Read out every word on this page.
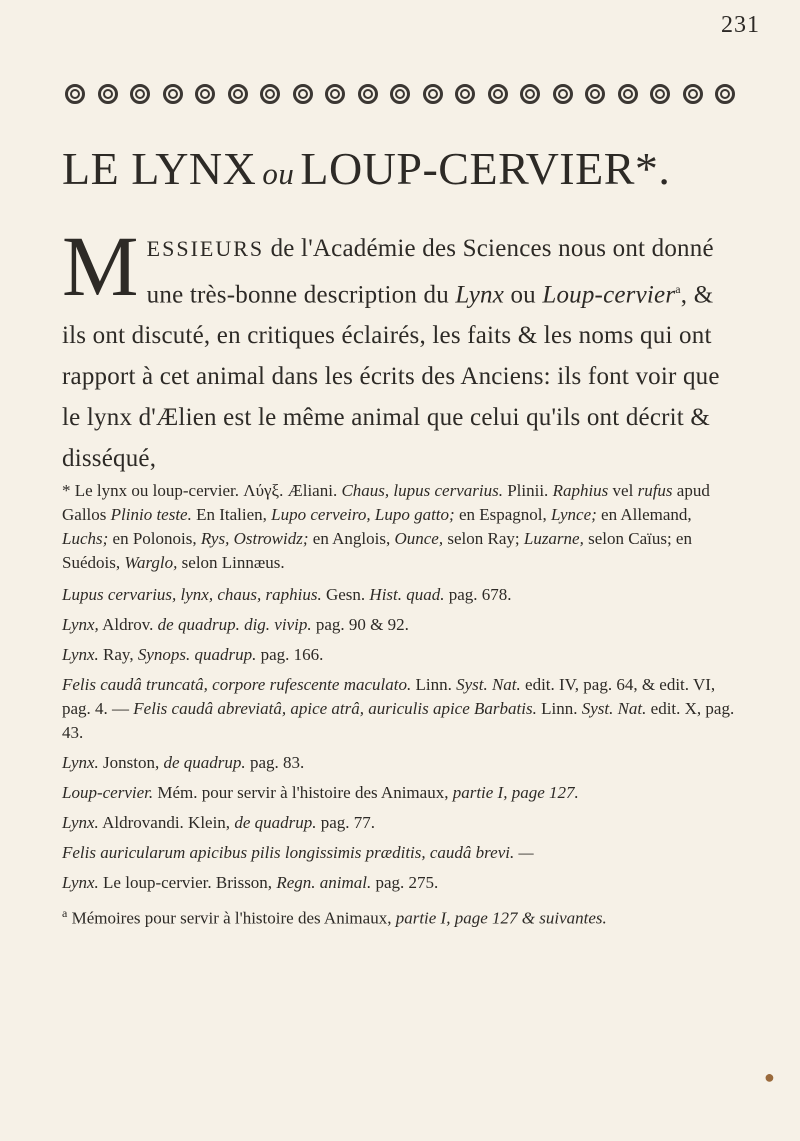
231
LE LYNX ou LOUP-CERVIER*.
MESSIEURS de l'Académie des Sciences nous ont donné une très-bonne description du Lynx ou Loup-cervier$^a$, & ils ont discuté, en critiques éclairés, les faits & les noms qui ont rapport à cet animal dans les écrits des Anciens: ils font voir que le lynx d'Ælien est le même animal que celui qu'ils ont décrit & disséqué,
* Le lynx ou loup-cervier. Λύγξ. Æliani. Chaus, lupus cervarius. Plinii. Raphius vel rufus apud Gallos Plinio teste. En Italien, Lupo cerveiro, Lupo gatto; en Espagnol, Lynce; en Allemand, Luchs; en Polonois, Rys, Ostrowidz; en Anglois, Ounce, selon Ray; Luzarne, selon Caïus; en Suédois, Warglo, selon Linnæus.
Lupus cervarius, lynx, chaus, raphius. Gesn. Hist. quad. pag. 678.
Lynx, Aldrov. de quadrup. dig. vivip. pag. 90 & 92.
Lynx. Ray, Synops. quadrup. pag. 166.
Felis caudâ truncatâ, corpore rufescente maculato. Linn. Syst. Nat. edit. IV, pag. 64, & edit. VI, pag. 4. — Felis caudâ abreviatâ, apice atrâ, auriculis apice Barbatis. Linn. Syst. Nat. edit. X, pag. 43.
Lynx. Jonston, de quadrup. pag. 83.
Loup-cervier. Mém. pour servir à l'histoire des Animaux, partie I, page 127.
Lynx. Aldrovandi. Klein, de quadrup. pag. 77.
Felis auricularum apicibus pilis longissimis præditis, caudâ brevi. —
Lynx. Le loup-cervier. Brisson, Regn. animal. pag. 275.
$^a$ Mémoires pour servir à l'histoire des Animaux, partie I, page 127 & suivantes.
●
